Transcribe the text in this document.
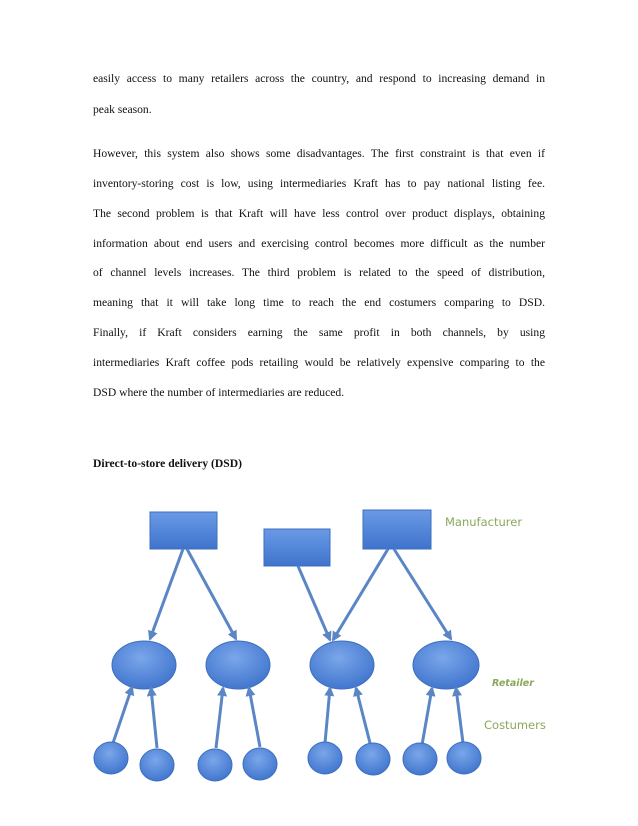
easily access to many retailers across the country, and respond to increasing demand in
peak season.
However, this system also shows some disadvantages. The first constraint is that even if
inventory-storing cost is low, using intermediaries Kraft has to pay national listing fee.
The second problem is that Kraft will have less control over product displays, obtaining
information about end users and exercising control becomes more difficult as the number
of channel levels increases. The third problem is related to the speed of distribution,
meaning that it will take long time to reach the end costumers comparing to DSD.
Finally, if Kraft considers earning the same profit in both channels, by using
intermediaries Kraft coffee pods retailing would be relatively expensive comparing to the
DSD where the number of intermediaries are reduced.
Direct-to-store delivery (DSD)
Manufacturer
Retailer
Costumers
